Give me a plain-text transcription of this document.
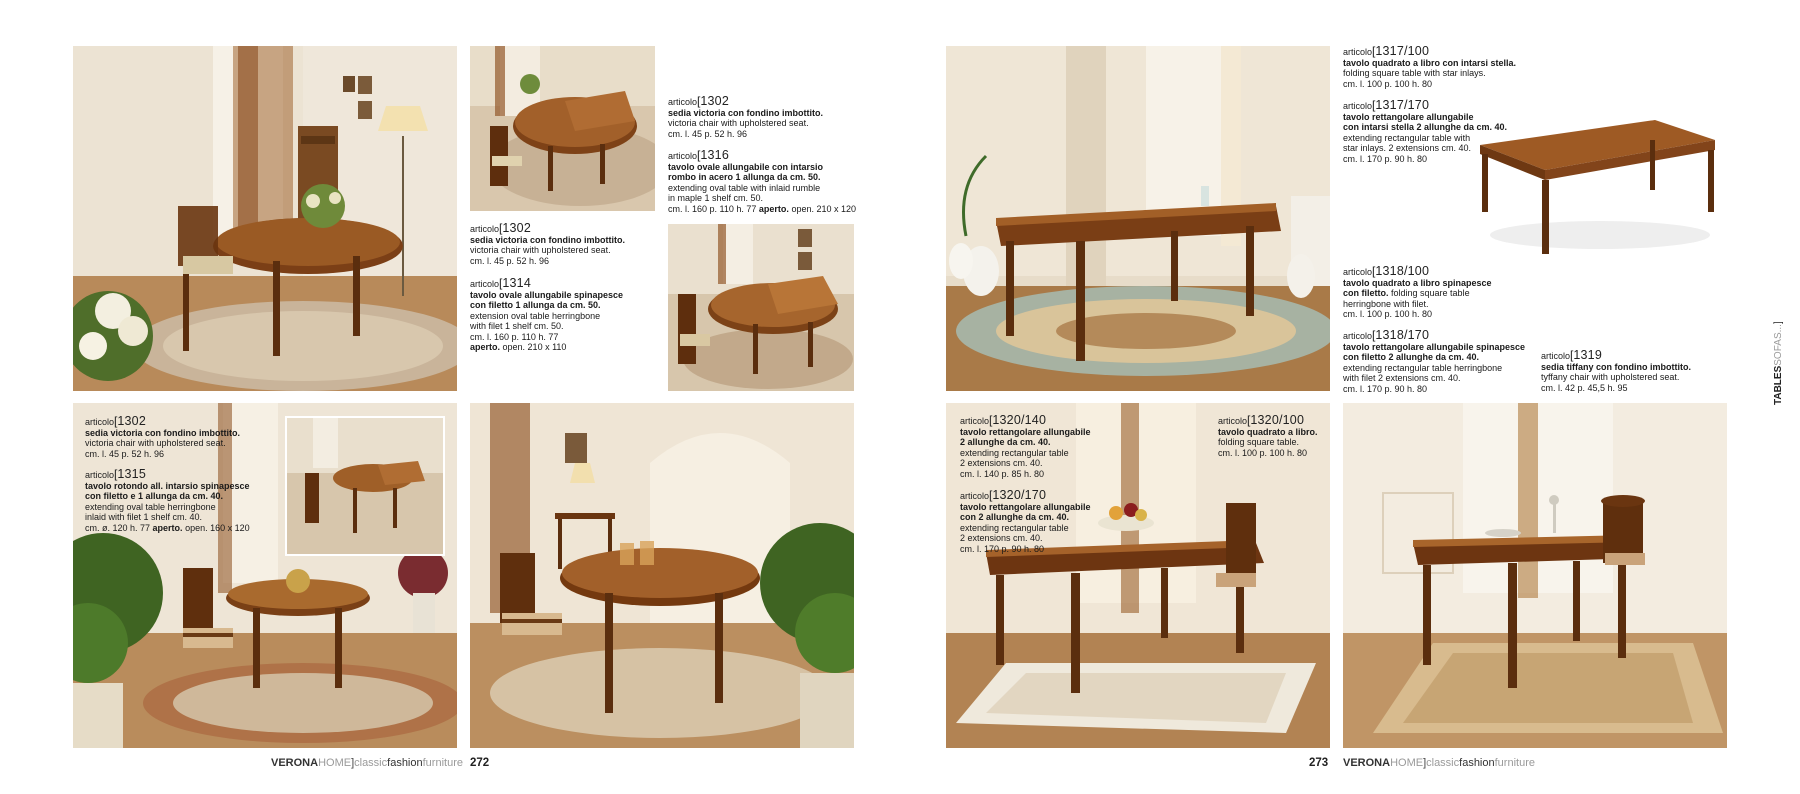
articolo[1302
sedia victoria con fondino imbottito.
victoria chair with upholstered seat.
cm. l. 45 p. 52 h. 96
articolo[1316
tavolo ovale allungabile con intarsio
rombo in acero 1 allunga da cm. 50.
extending oval table with inlaid rumble
in maple 1 shelf cm. 50.
cm. l. 160 p. 110 h. 77 aperto. open. 210 x 120
articolo[1302
sedia victoria con fondino imbottito.
victoria chair with upholstered seat.
cm. l. 45 p. 52 h. 96
articolo[1314
tavolo ovale allungabile spinapesce
con filetto 1 allunga da cm. 50.
extension oval table herringbone
with filet 1 shelf cm. 50.
cm. l. 160 p. 110 h. 77
aperto. open. 210 x 110
articolo[1302
sedia victoria con fondino imbottito.
victoria chair with upholstered seat.
cm. l. 45 p. 52 h. 96
articolo[1315
tavolo rotondo all. intarsio spinapesce
con filetto e 1 allunga da cm. 40.
extending oval table herringbone
inlaid with filet 1 shelf cm. 40.
cm. ø. 120 h. 77 aperto. open. 160 x 120
articolo[1317/100
tavolo quadrato a libro con intarsi stella.
folding square table with star inlays.
cm. l. 100 p. 100 h. 80
articolo[1317/170
tavolo rettangolare allungabile
con intarsi stella 2 allunghe da cm. 40.
extending rectangular table with
star inlays. 2 extensions cm. 40.
cm. l. 170 p. 90 h. 80
articolo[1318/100
tavolo quadrato a libro spinapesce
con filetto. folding square table
herringbone with filet.
cm. l. 100 p. 100 h. 80
articolo[1318/170
tavolo rettangolare allungabile spinapesce
con filetto 2 allunghe da cm. 40.
extending rectangular table herringbone
with filet 2 extensions cm. 40.
cm. l. 170 p. 90 h. 80
articolo[1319
sedia tiffany con fondino imbottito.
tyffany chair with upholstered seat.
cm. l. 42 p. 45,5 h. 95
articolo[1320/140
tavolo rettangolare allungabile
2 allunghe da cm. 40.
extending rectangular table
2 extensions cm. 40.
cm. l. 140 p. 85 h. 80
articolo[1320/100
tavolo quadrato a libro.
folding square table.
cm. l. 100 p. 100 h. 80
articolo[1320/170
tavolo rettangolare allungabile
con 2 allunghe da cm. 40.
extending rectangular table
2 extensions cm. 40.
cm. l. 170 p. 90 h. 80
VERONAHOME]classicfashionfurniture 272	273 VERONAHOME]classicfashionfurniture
TABLESSOFAS...]
